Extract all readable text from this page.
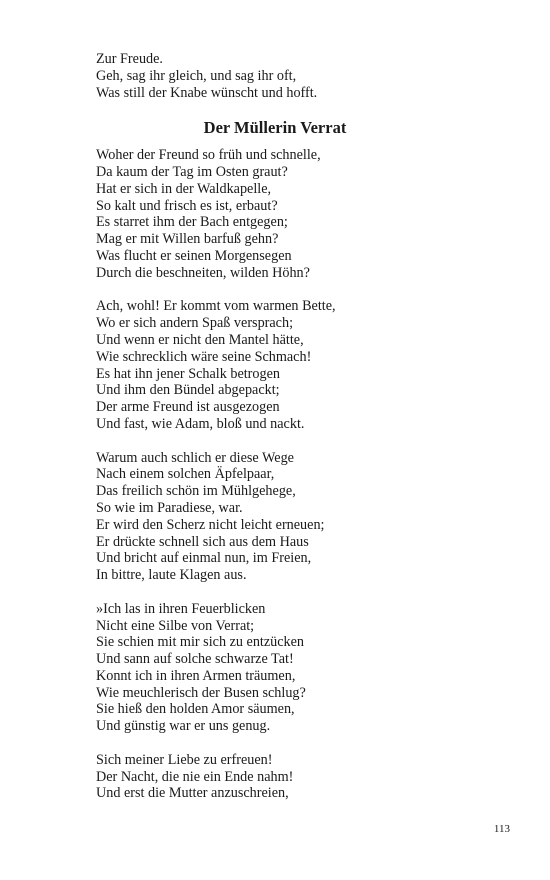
Zur Freude.
Geh, sag ihr gleich, und sag ihr oft,
Was still der Knabe wünscht und hofft.
Der Müllerin Verrat
Woher der Freund so früh und schnelle,
Da kaum der Tag im Osten graut?
Hat er sich in der Waldkapelle,
So kalt und frisch es ist, erbaut?
Es starret ihm der Bach entgegen;
Mag er mit Willen barfuß gehn?
Was flucht er seinen Morgensegen
Durch die beschneiten, wilden Höhn?
Ach, wohl! Er kommt vom warmen Bette,
Wo er sich andern Spaß versprach;
Und wenn er nicht den Mantel hätte,
Wie schrecklich wäre seine Schmach!
Es hat ihn jener Schalk betrogen
Und ihm den Bündel abgepackt;
Der arme Freund ist ausgezogen
Und fast, wie Adam, bloß und nackt.
Warum auch schlich er diese Wege
Nach einem solchen Äpfelpaar,
Das freilich schön im Mühlgehege,
So wie im Paradiese, war.
Er wird den Scherz nicht leicht erneuen;
Er drückte schnell sich aus dem Haus
Und bricht auf einmal nun, im Freien,
In bittre, laute Klagen aus.
»Ich las in ihren Feuerblicken
Nicht eine Silbe von Verrat;
Sie schien mit mir sich zu entzücken
Und sann auf solche schwarze Tat!
Konnt ich in ihren Armen träumen,
Wie meuchlerisch der Busen schlug?
Sie hieß den holden Amor säumen,
Und günstig war er uns genug.
Sich meiner Liebe zu erfreuen!
Der Nacht, die nie ein Ende nahm!
Und erst die Mutter anzuschreien,
113
